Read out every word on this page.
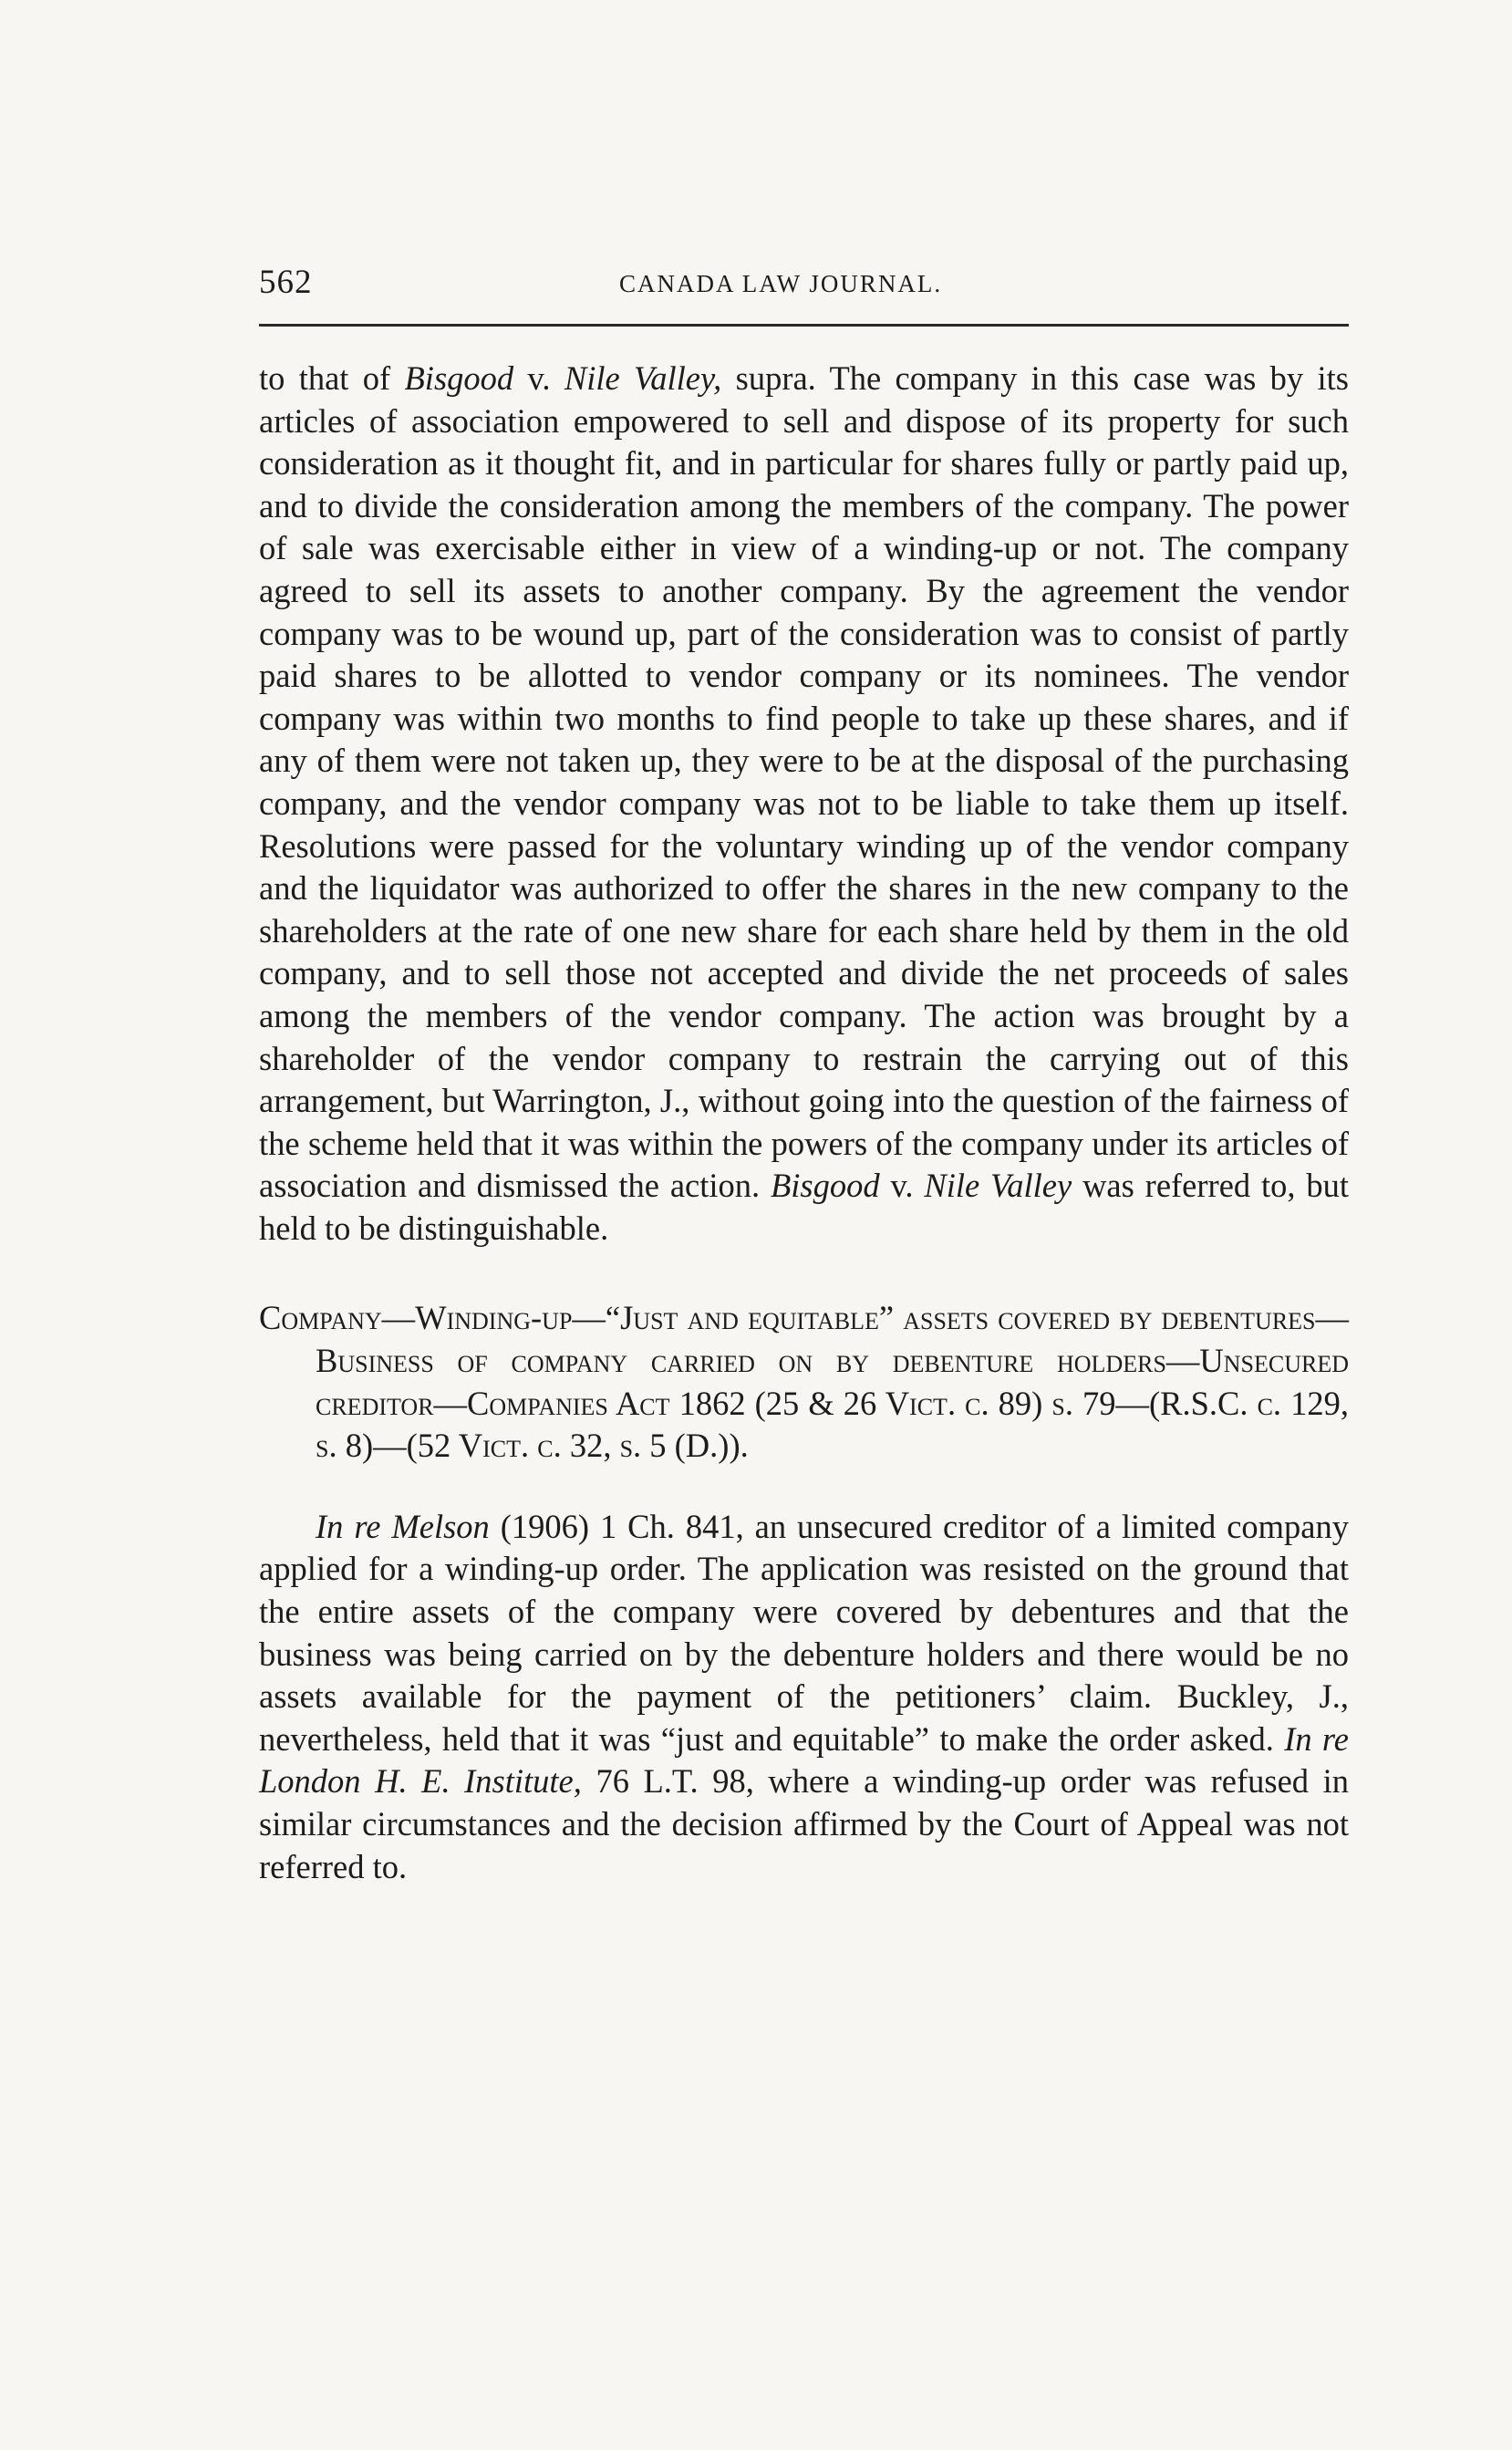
562	CANADA LAW JOURNAL.

to that of Bisgood v. Nile Valley, supra. The company in this case was by its articles of association empowered to sell and dispose of its property for such consideration as it thought fit, and in particular for shares fully or partly paid up, and to divide the consideration among the members of the company. The power of sale was exercisable either in view of a winding-up or not. The company agreed to sell its assets to another company. By the agreement the vendor company was to be wound up, part of the consideration was to consist of partly paid shares to be allotted to vendor company or its nominees. The vendor company was within two months to find people to take up these shares, and if any of them were not taken up, they were to be at the disposal of the purchasing company, and the vendor company was not to be liable to take them up itself. Resolutions were passed for the voluntary winding up of the vendor company and the liquidator was authorized to offer the shares in the new company to the shareholders at the rate of one new share for each share held by them in the old company, and to sell those not accepted and divide the net proceeds of sales among the members of the vendor company. The action was brought by a shareholder of the vendor company to restrain the carrying out of this arrangement, but Warrington, J., without going into the question of the fairness of the scheme held that it was within the powers of the company under its articles of association and dismissed the action. Bisgood v. Nile Valley was referred to, but held to be distinguishable.

Company—Winding-up—“Just and equitable” assets covered by debentures—Business of company carried on by debenture holders—Unsecured creditor—Companies Act 1862 (25 & 26 Vict. c. 89) s. 79—(R.S.C. c. 129, s. 8)—(52 Vict. c. 32, s. 5 (D.)).

In re Melson (1906) 1 Ch. 841, an unsecured creditor of a limited company applied for a winding-up order. The application was resisted on the ground that the entire assets of the company were covered by debentures and that the business was being carried on by the debenture holders and there would be no assets available for the payment of the petitioners’ claim. Buckley, J., nevertheless, held that it was “just and equitable” to make the order asked. In re London H. E. Institute, 76 L.T. 98, where a winding-up order was refused in similar circumstances and the decision affirmed by the Court of Appeal was not referred to.
